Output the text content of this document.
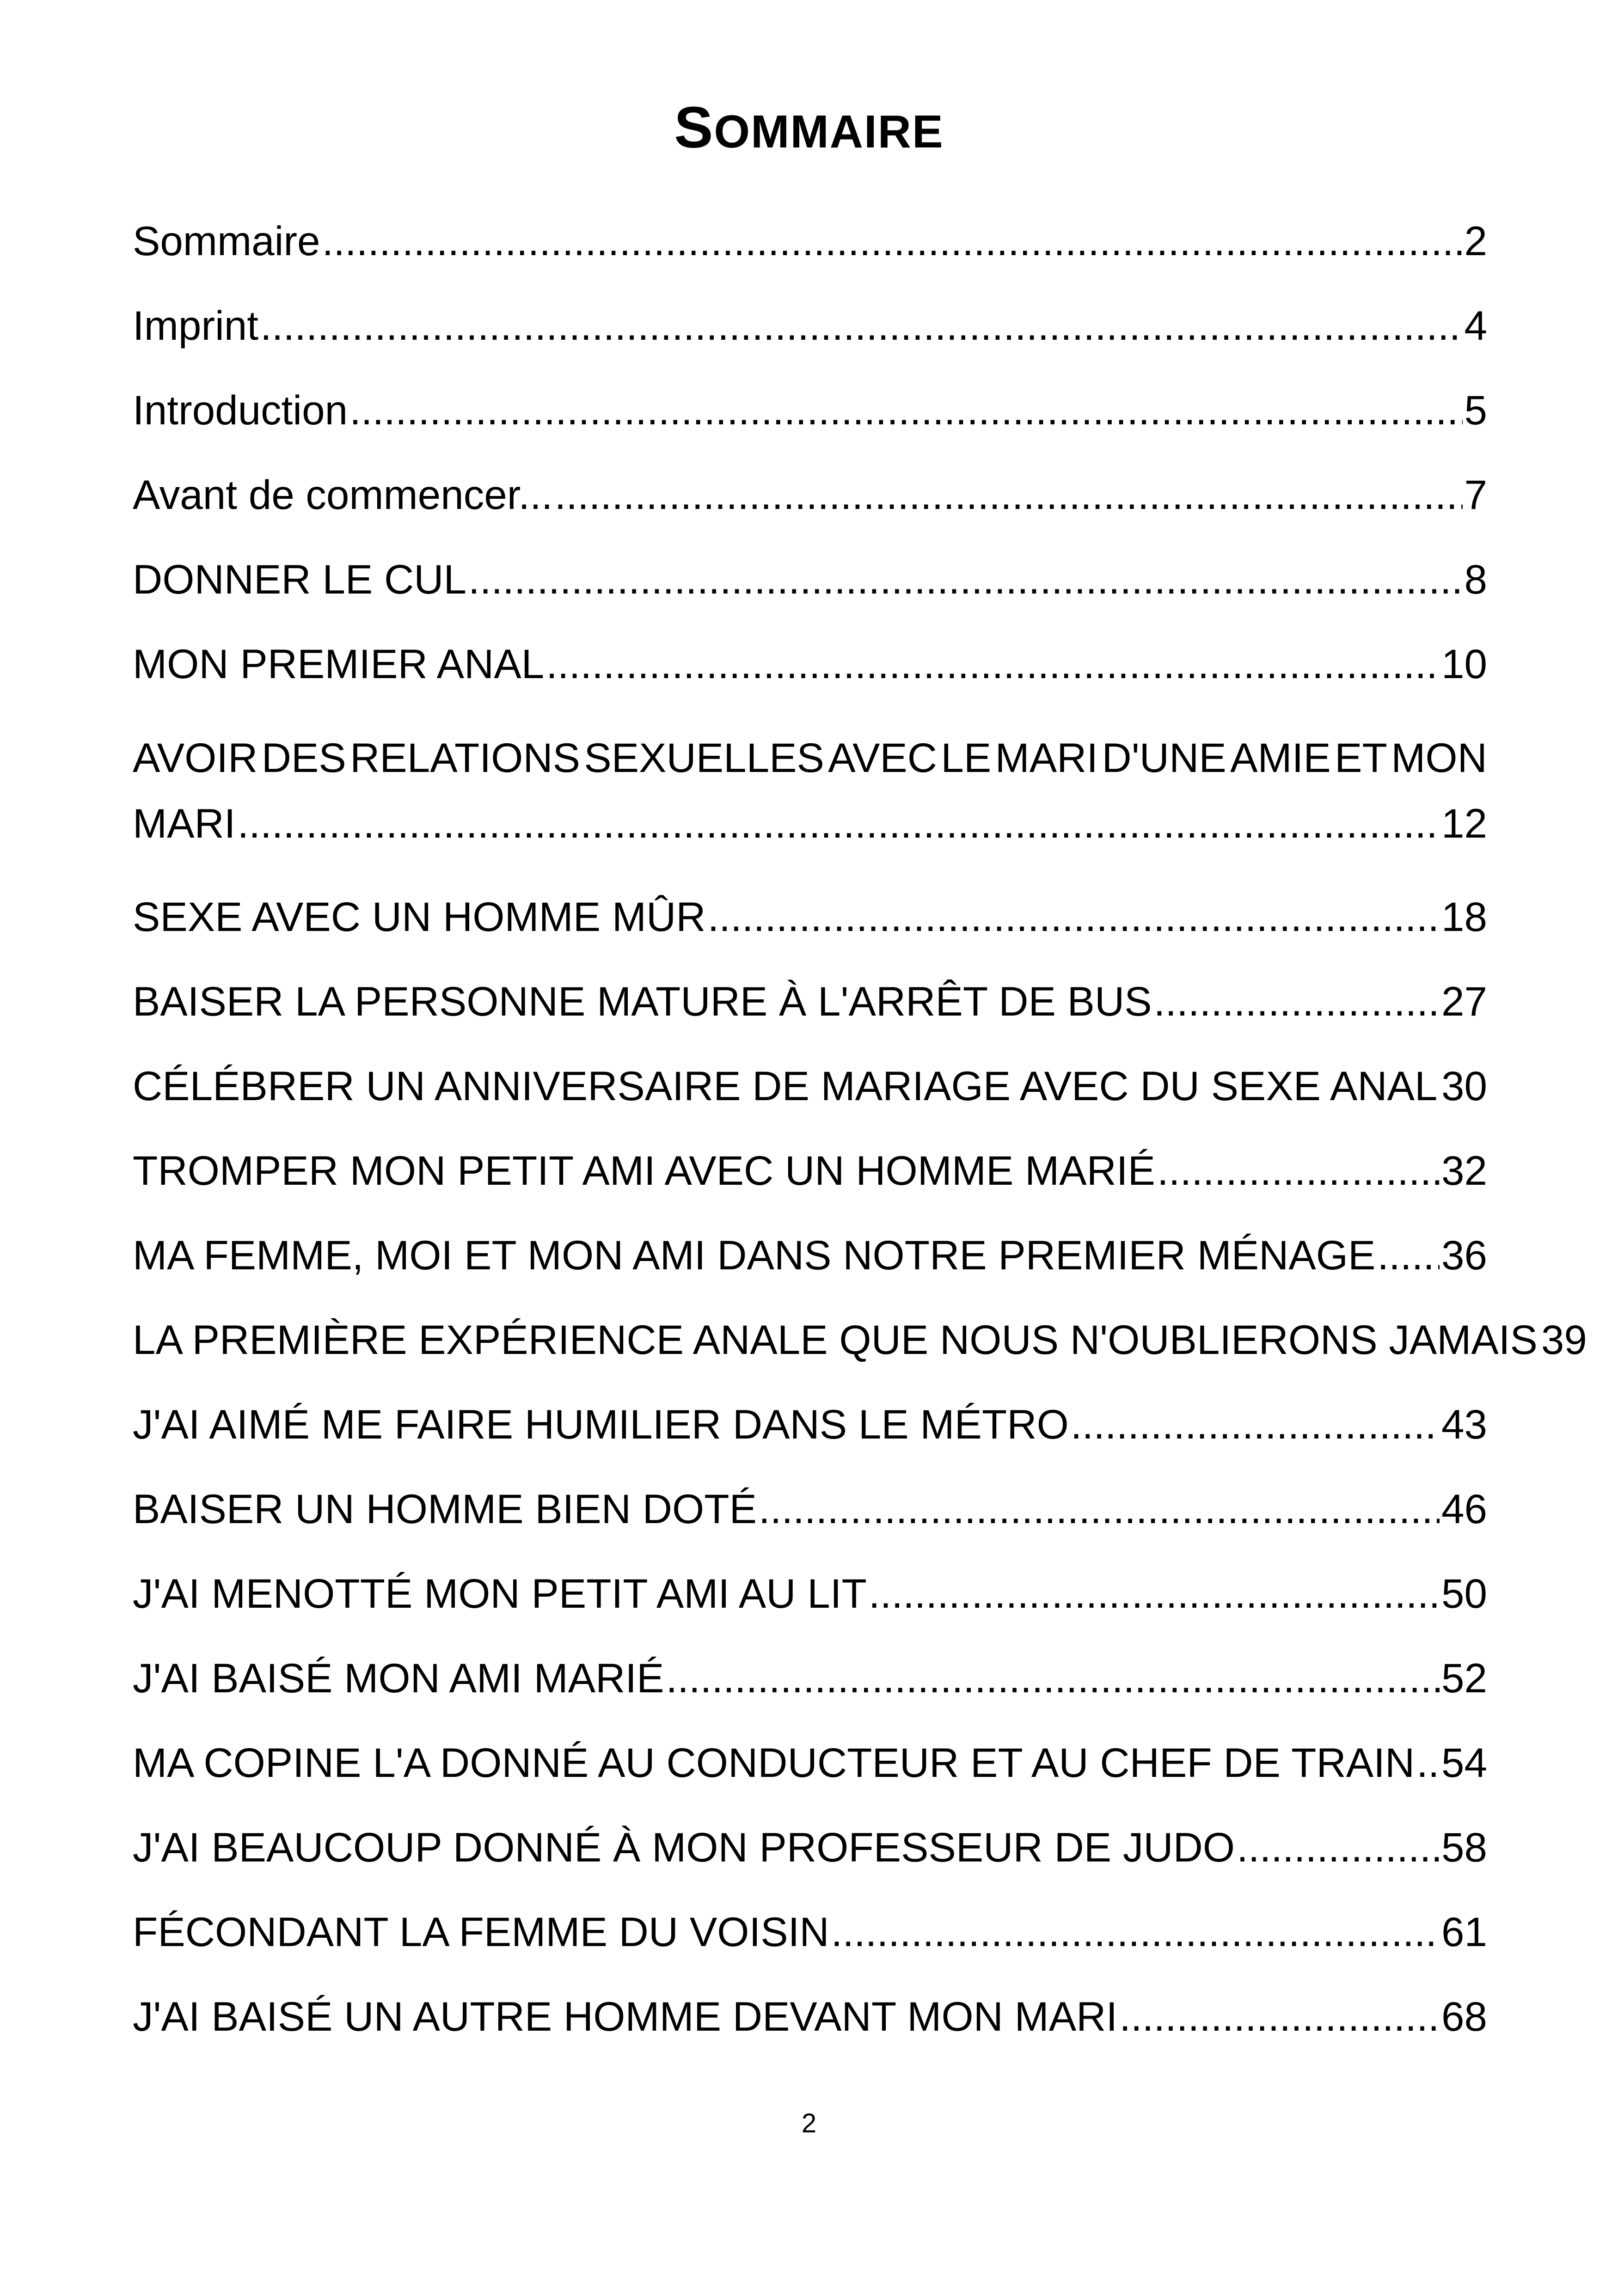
SOMMAIRE
Sommaire .....	2
Imprint .....	4
Introduction .....	5
Avant de commencer... .....	7
DONNER LE CUL .....	8
MON PREMIER ANAL .....	10
AVOIR DES RELATIONS SEXUELLES AVEC LE MARI D'UNE AMIE ET MON
MARI .....	12
SEXE AVEC UN HOMME MÛR .....	18
BAISER LA PERSONNE MATURE À L'ARRÊT DE BUS .....	27
CÉLÉBRER UN ANNIVERSAIRE DE MARIAGE AVEC DU SEXE ANAL ..... 30
TROMPER MON PETIT AMI AVEC UN HOMME MARIÉ .....	32
MA FEMME, MOI ET MON AMI DANS NOTRE PREMIER MÉNAGE ..... 36
LA PREMIÈRE EXPÉRIENCE ANALE QUE NOUS N'OUBLIERONS JAMAIS 39
J'AI AIMÉ ME FAIRE HUMILIER DANS LE MÉTRO .....	43
BAISER UN HOMME BIEN DOTÉ .....	46
J'AI MENOTTÉ MON PETIT AMI AU LIT .....	50
J'AI BAISÉ MON AMI MARIÉ .....	52
MA COPINE L'A DONNÉ AU CONDUCTEUR ET AU CHEF DE TRAIN ..... 54
J'AI BEAUCOUP DONNÉ À MON PROFESSEUR DE JUDO .....	58
FÉCONDANT LA FEMME DU VOISIN .....	61
J'AI BAISÉ UN AUTRE HOMME DEVANT MON MARI .....	68
2
